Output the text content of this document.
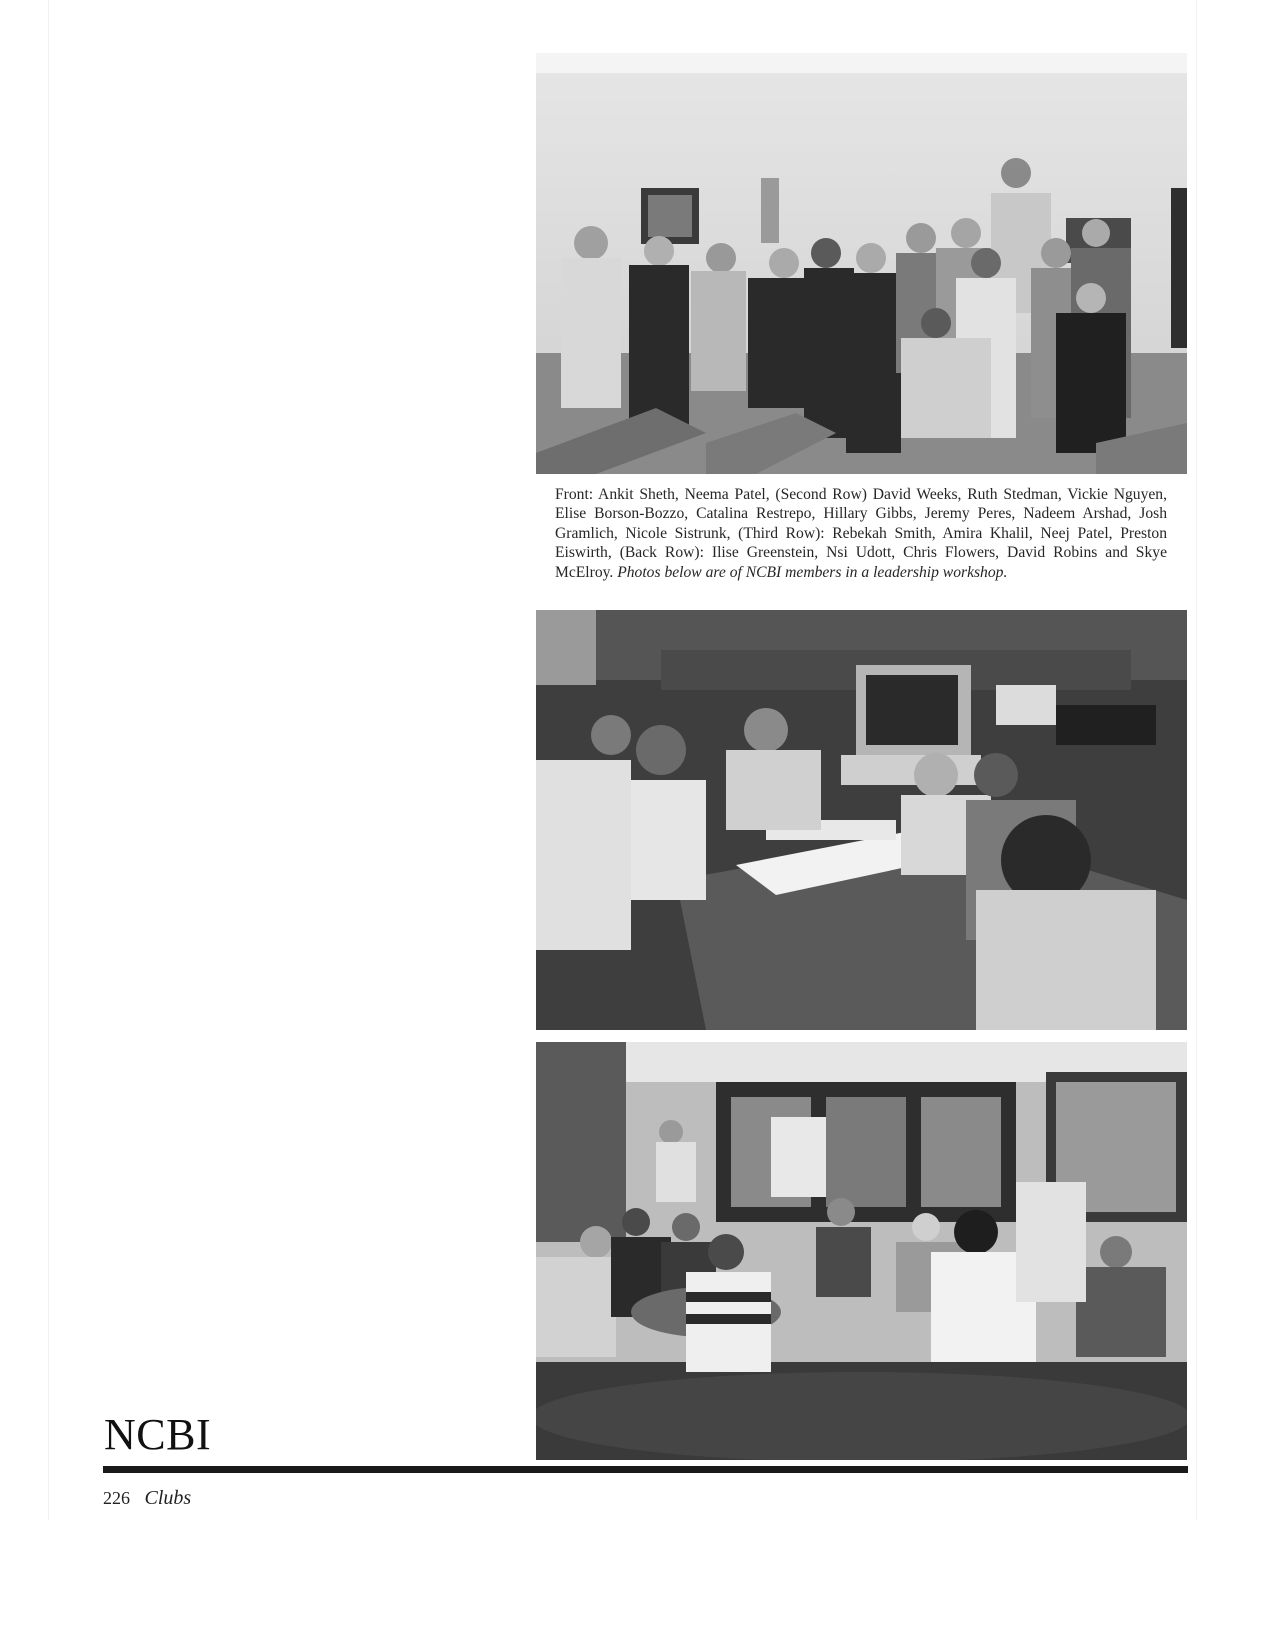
Front: Ankit Sheth, Neema Patel, (Second Row) David Weeks, Ruth Stedman, Vickie Nguyen, Elise Borson-Bozzo, Catalina Restrepo, Hillary Gibbs, Jeremy Peres, Nadeem Arshad, Josh Gramlich, Nicole Sistrunk, (Third Row): Rebekah Smith, Amira Khalil, Neej Patel, Preston Eiswirth, (Back Row): Ilise Greenstein, Nsi Udott, Chris Flowers, David Robins and Skye McElroy. Photos below are of NCBI members in a leadership workshop.
NCBI
226 Clubs
